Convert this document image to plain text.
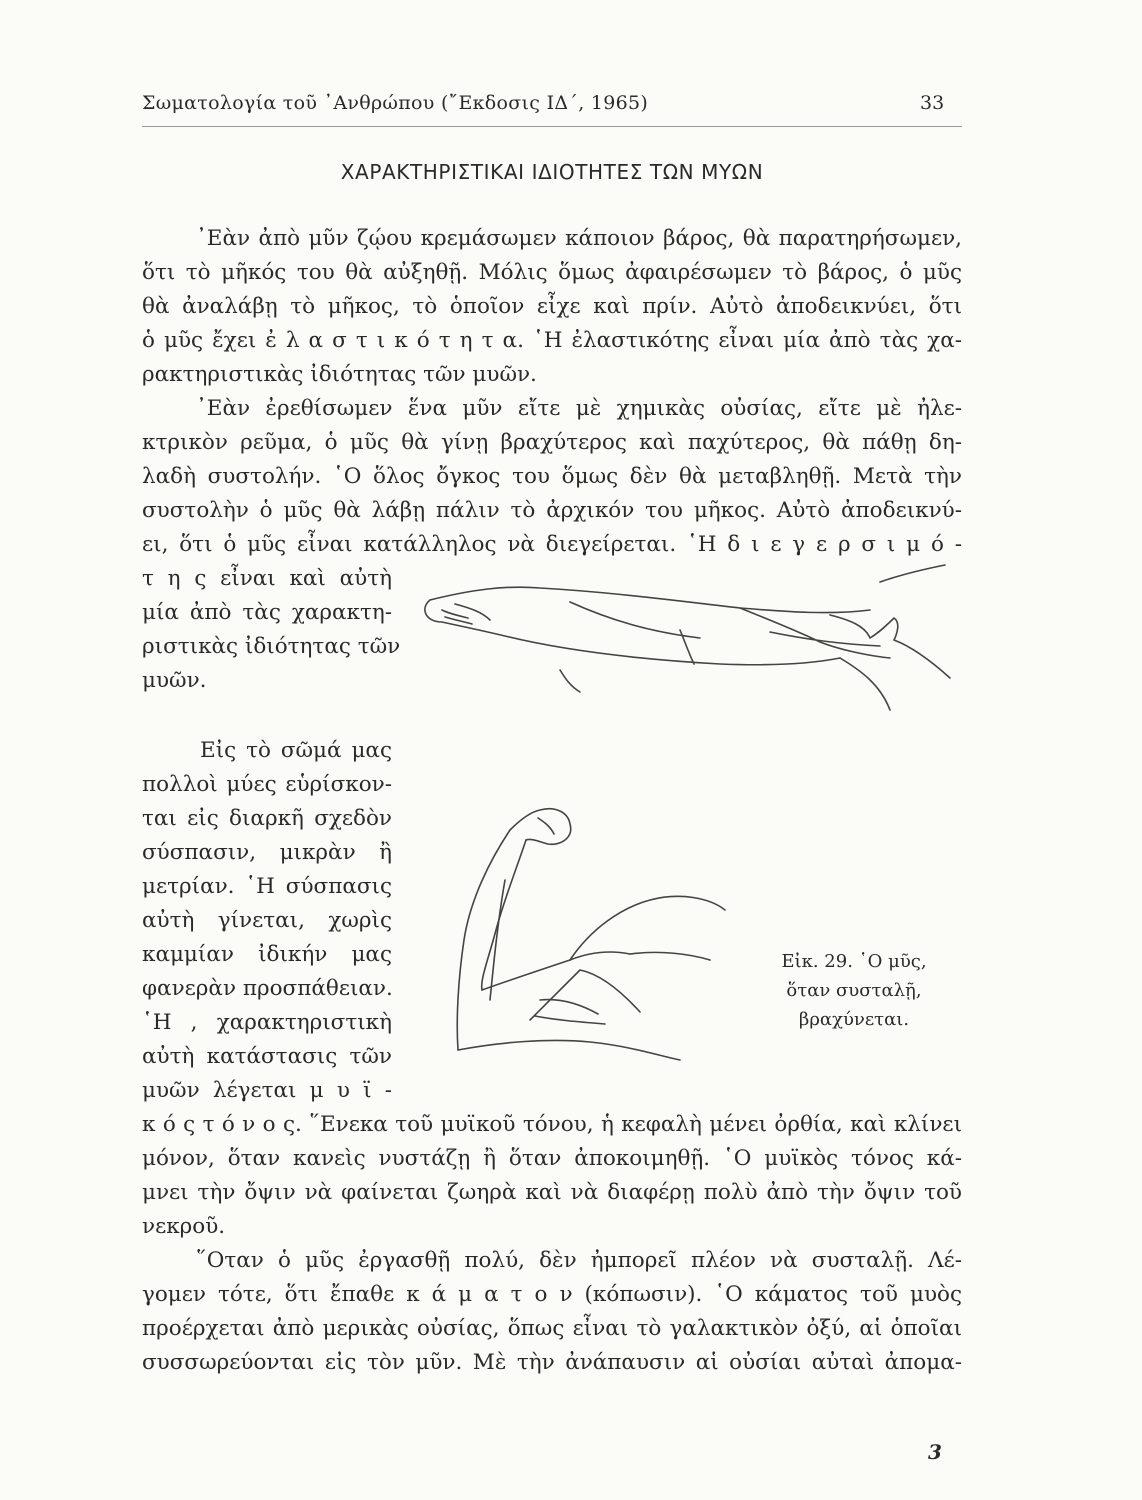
Σωματολογία τοῦ ᾿Ανθρώπου (῎Εκδοσις ΙΔ΄, 1965)	33
ΧΑΡΑΚΤΗΡΙΣΤΙΚΑΙ ΙΔΙΟΤΗΤΕΣ ΤΩΝ ΜΥΩΝ
᾿Εὰν ἀπὸ μῦν ζῴου κρεμάσωμεν κάποιον βάρος, θὰ παρατηρήσωμεν,
ὅτι τὸ μῆκός του θὰ αὐξηθῇ. Μόλις ὅμως ἀφαιρέσωμεν τὸ βάρος, ὁ μῦς
θὰ ἀναλάβῃ τὸ μῆκος, τὸ ὁποῖον εἶχε καὶ πρίν. Αὐτὸ ἀποδεικνύει, ὅτι
ὁ μῦς ἔχει ἐ λ α σ τ ι κ ό τ η τ α. ῾Η ἐλαστικότης εἶναι μία ἀπὸ τὰς χα-
ρακτηριστικὰς ἰδιότητας τῶν μυῶν.
᾿Εὰν ἐρεθίσωμεν ἕνα μῦν εἴτε μὲ χημικὰς οὐσίας, εἴτε μὲ ἠλε-
κτρικὸν ρεῦμα, ὁ μῦς θὰ γίνῃ βραχύτερος καὶ παχύτερος, θὰ πάθῃ δη-
λαδὴ συστολήν. ῾Ο ὅλος ὄγκος του ὅμως δὲν θὰ μεταβληθῇ. Μετὰ τὴν
συστολὴν ὁ μῦς θὰ λάβῃ πάλιν τὸ ἀρχικόν του μῆκος. Αὐτὸ ἀποδεικνύ-
ει, ὅτι ὁ μῦς εἶναι κατάλληλος νὰ διεγείρεται. ῾Η δ ι ε γ ε ρ σ ι μ ό -
τ η ς εἶναι καὶ αὐτὴ
μία ἀπὸ τὰς χαρακτη-
ριστικὰς ἰδιότητας τῶν
μυῶν.
Εἰς τὸ σῶμά μας
πολλοὶ μύες εὑρίσκον-
ται εἰς διαρκῆ σχεδὸν
σύσπασιν, μικρὰν ἢ
μετρίαν. ῾Η σύσπασις
αὐτὴ γίνεται, χωρὶς
καμμίαν ἰδικήν μας
φανερὰν προσπάθειαν.
῾Η , χαρακτηριστικὴ
αὐτὴ κατάστασις τῶν
μυῶν λέγεται μ υ ϊ -
κ ό ς τ ό ν ο ς. ῞Ενεκα τοῦ μυϊκοῦ τόνου, ἡ κεφαλὴ μένει ὀρθία, καὶ κλίνει
μόνον, ὅταν κανεὶς νυστάζῃ ἢ ὅταν ἀποκοιμηθῇ. ῾Ο μυϊκὸς τόνος κά-
μνει τὴν ὄψιν νὰ φαίνεται ζωηρὰ καὶ νὰ διαφέρῃ πολὺ ἀπὸ τὴν ὄψιν τοῦ
νεκροῦ.
῞Οταν ὁ μῦς ἐργασθῇ πολύ, δὲν ἠμπορεῖ πλέον νὰ συσταλῇ. Λέ-
γομεν τότε, ὅτι ἔπαθε κ ά μ α τ ο ν (κόπωσιν). ῾Ο κάματος τοῦ μυὸς
προέρχεται ἀπὸ μερικὰς οὐσίας, ὅπως εἶναι τὸ γαλακτικὸν ὀξύ, αἱ ὁποῖαι
συσσωρεύονται εἰς τὸν μῦν. Μὲ τὴν ἀνάπαυσιν αἱ οὐσίαι αὐταὶ ἀπομα-
Εἰκ. 29. ῾Ο μῦς,
ὅταν συσταλῇ,
βραχύνεται.
3
